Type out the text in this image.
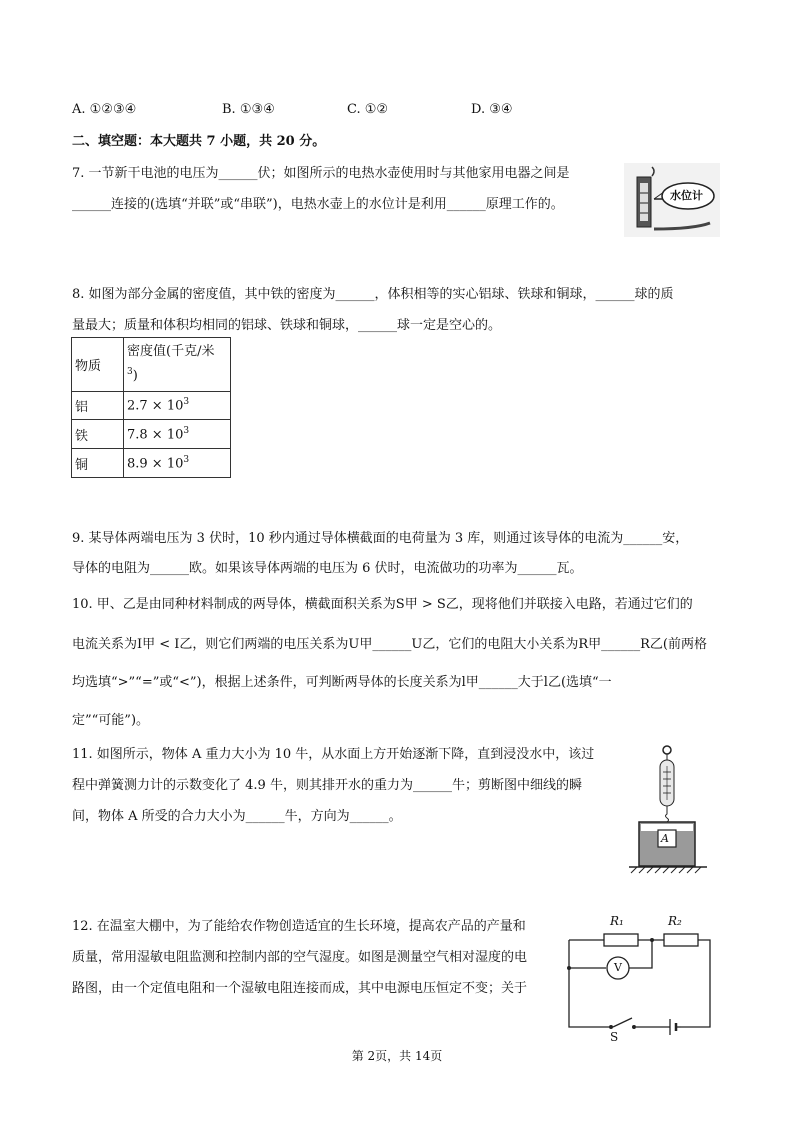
A. ①②③④	B. ①③④	C. ①②	D. ③④
二、填空题：本大题共 7 小题，共 20 分。
7. 一节新干电池的电压为______伏；如图所示的电热水壶使用时与其他家用电器之间是
______连接的(选填“并联”或“串联”)，电热水壶上的水位计是利用______原理工作的。
水位计
8. 如图为部分金属的密度值，其中铁的密度为______，体积相等的实心铝球、铁球和铜球，______球的质
量最大；质量和体积均相同的铝球、铁球和铜球，______球一定是空心的。
物质	密度值(千克/米
$^3$)
铝	$2.7 \times 10^3$
铁	$7.8 \times 10^3$
铜	$8.9 \times 10^3$
9. 某导体两端电压为 3 伏时，10 秒内通过导体横截面的电荷量为 3 库，则通过该导体的电流为______安，
导体的电阻为______欧。如果该导体两端的电压为 6 伏时，电流做功的功率为______瓦。
10. 甲、乙是由同种材料制成的两导体，横截面积关系为S甲 > S乙，现将他们并联接入电路，若通过它们的
电流关系为I甲 < I乙，则它们两端的电压关系为U甲______U乙，它们的电阻大小关系为R甲______R乙(前两格
均选填“>”“=”或“<”)，根据上述条件，可判断两导体的长度关系为l甲______大于l乙(选填“一
定”“可能”)。
11. 如图所示，物体 A 重力大小为 10 牛，从水面上方开始逐渐下降，直到浸没水中，该过
程中弹簧测力计的示数变化了 4.9 牛，则其排开水的重力为______牛；剪断图中细线的瞬
间，物体 A 所受的合力大小为______牛，方向为______。
A
12. 在温室大棚中，为了能给农作物创造适宜的生长环境，提高农产品的产量和
质量，常用湿敏电阻监测和控制内部的空气湿度。如图是测量空气相对湿度的电
路图，由一个定值电阻和一个湿敏电阻连接而成，其中电源电压恒定不变；关于
R₁	R₂
V
S
第 2页，共 14页
